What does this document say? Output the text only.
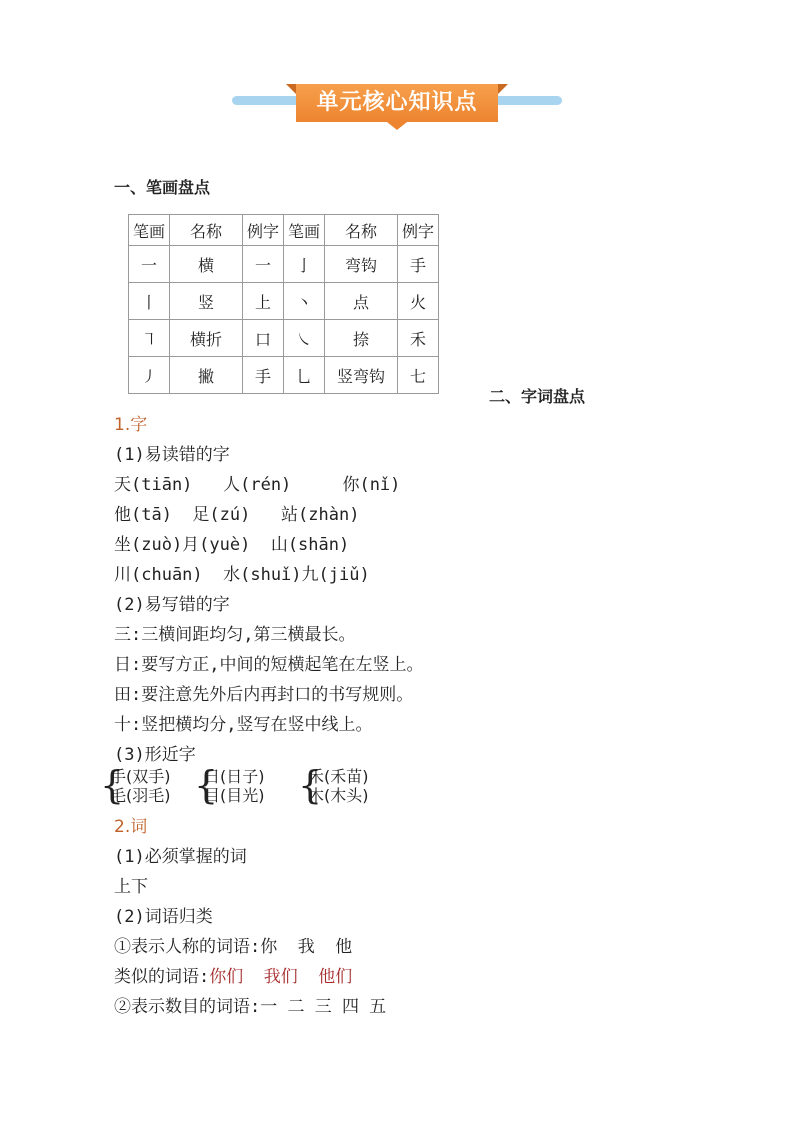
单元核心知识点
一、笔画盘点
笔画	名称	例字	笔画	名称	例字
一	横	一	亅	弯钩	手
丨	竖	上	丶	点	火
㇕	横折	口	㇏	捺	禾
㇓	撇	手	乚	竖弯钩	七
二、字词盘点
1.字
(1)易读错的字
天(tiān)   人(rén)     你(nǐ)
他(tā)  足(zú)   站(zhàn)
坐(zuò)月(yuè)  山(shān)
川(chuān)  水(shuǐ)九(jiǔ)
(2)易写错的字
三:三横间距均匀,第三横最长。
日:要写方正,中间的短横起笔在左竖上。
田:要注意先外后内再封口的书写规则。
十:竖把横均分,竖写在竖中线上。
(3)形近字
{
手(双手)
毛(羽毛) {
日(日子)
目(目光) {
禾(禾苗)
木(木头)
2.词
(1)必须掌握的词
上下
(2)词语归类
①表示人称的词语:你  我  他
类似的词语:你们  我们  他们
②表示数目的词语:一 二 三 四 五
